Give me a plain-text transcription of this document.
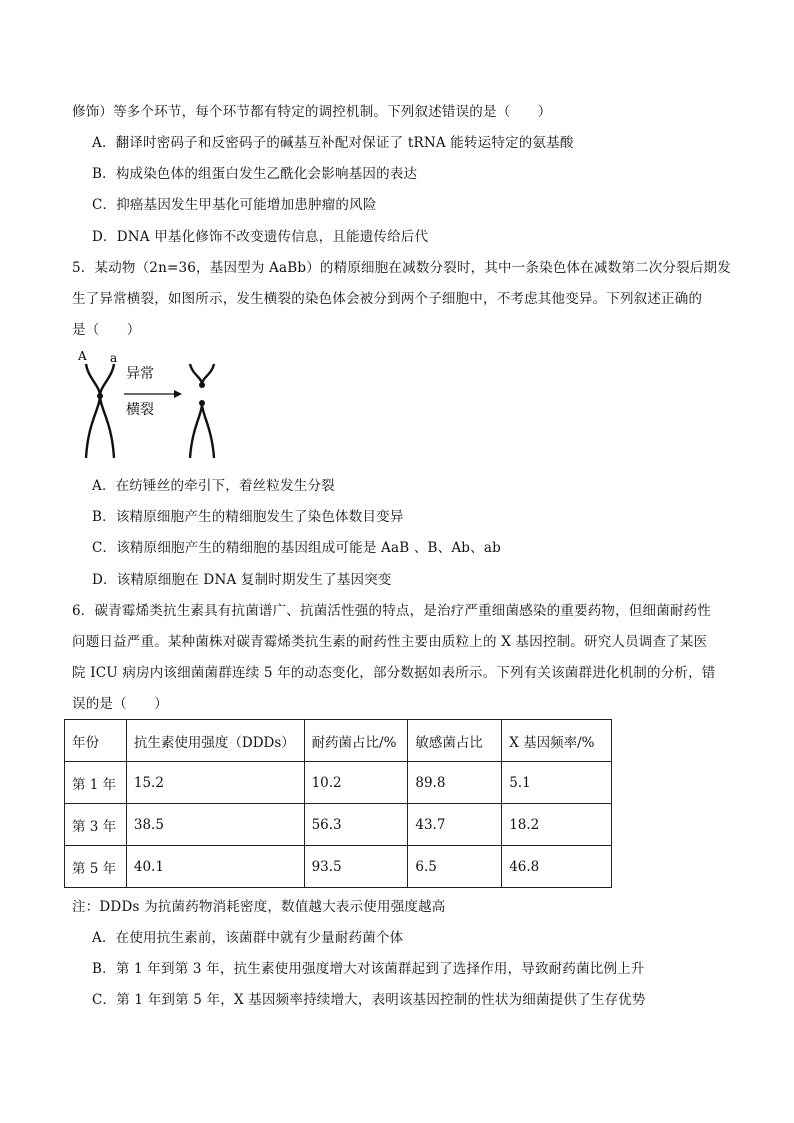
修饰）等多个环节，每个环节都有特定的调控机制。下列叙述错误的是（　　）
A．翻译时密码子和反密码子的碱基互补配对保证了 tRNA 能转运特定的氨基酸
B．构成染色体的组蛋白发生乙酰化会影响基因的表达
C．抑癌基因发生甲基化可能增加患肿瘤的风险
D．DNA 甲基化修饰不改变遗传信息，且能遗传给后代
5．某动物（2n=36，基因型为 AaBb）的精原细胞在减数分裂时，其中一条染色体在减数第二次分裂后期发
生了异常横裂，如图所示，发生横裂的染色体会被分到两个子细胞中，不考虑其他变异。下列叙述正确的
是（　　）
A a
异常
横裂
A．在纺锤丝的牵引下，着丝粒发生分裂
B．该精原细胞产生的精细胞发生了染色体数目变异
C．该精原细胞产生的精细胞的基因组成可能是 AaB 、B、Ab、ab
D．该精原细胞在 DNA 复制时期发生了基因突变
6．碳青霉烯类抗生素具有抗菌谱广、抗菌活性强的特点，是治疗严重细菌感染的重要药物，但细菌耐药性
问题日益严重。某种菌株对碳青霉烯类抗生素的耐药性主要由质粒上的 X 基因控制。研究人员调查了某医
院 ICU 病房内该细菌菌群连续 5 年的动态变化，部分数据如表所示。下列有关该菌群进化机制的分析，错
误的是（　　）
年份	抗生素使用强度（DDDs）	耐药菌占比/%	敏感菌占比	X 基因频率/%
第 1 年	15.2	10.2	89.8	5.1
第 3 年	38.5	56.3	43.7	18.2
第 5 年	40.1	93.5	6.5	46.8
注：DDDs 为抗菌药物消耗密度，数值越大表示使用强度越高
A．在使用抗生素前，该菌群中就有少量耐药菌个体
B．第 1 年到第 3 年，抗生素使用强度增大对该菌群起到了选择作用，导致耐药菌比例上升
C．第 1 年到第 5 年，X 基因频率持续增大，表明该基因控制的性状为细菌提供了生存优势
